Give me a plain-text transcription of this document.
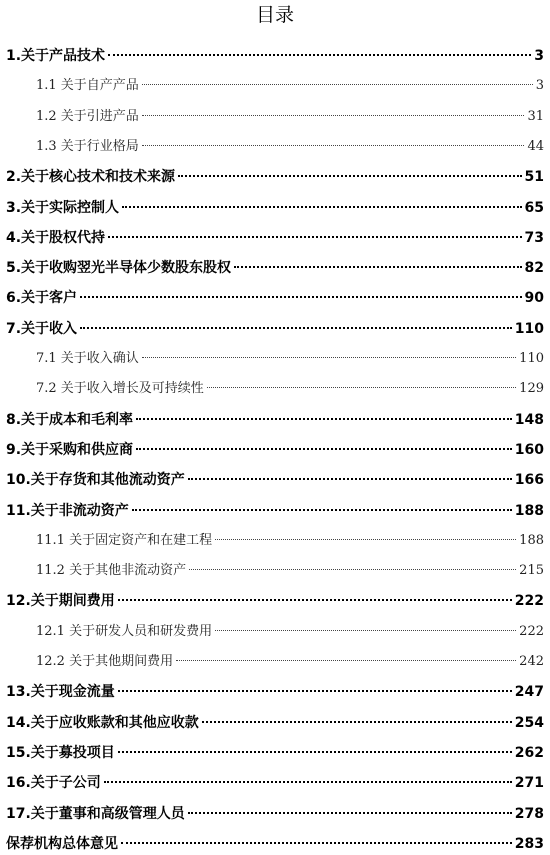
目录
1.关于产品技术	3
1.1 关于自产产品	3
1.2 关于引进产品	31
1.3 关于行业格局	44
2.关于核心技术和技术来源	51
3.关于实际控制人	65
4.关于股权代持	73
5.关于收购翌光半导体少数股东股权	82
6.关于客户	90
7.关于收入	110
7.1 关于收入确认	110
7.2 关于收入增长及可持续性	129
8.关于成本和毛利率	148
9.关于采购和供应商	160
10.关于存货和其他流动资产	166
11.关于非流动资产	188
11.1 关于固定资产和在建工程	188
11.2 关于其他非流动资产	215
12.关于期间费用	222
12.1 关于研发人员和研发费用	222
12.2 关于其他期间费用	242
13.关于现金流量	247
14.关于应收账款和其他应收款	254
15.关于募投项目	262
16.关于子公司	271
17.关于董事和高级管理人员	278
保荐机构总体意见	283
